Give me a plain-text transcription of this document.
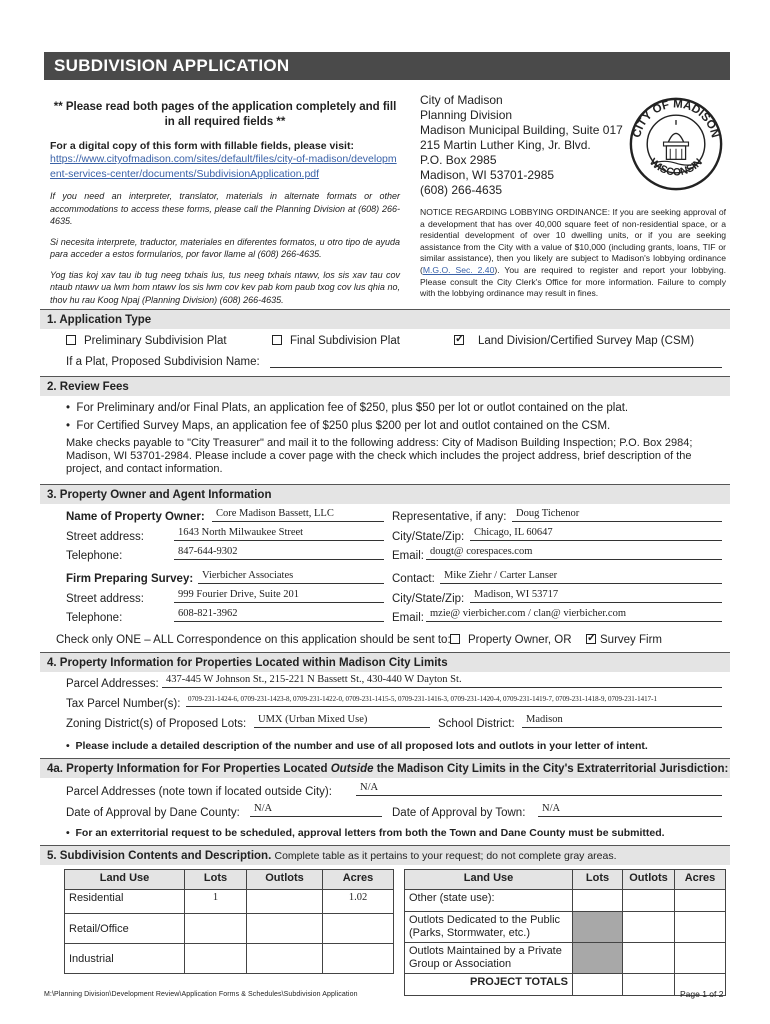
SUBDIVISION APPLICATION
** Please read both pages of the application completely and fill in all required fields **
For a digital copy of this form with fillable fields, please visit:
https://www.cityofmadison.com/sites/default/files/city-of-madison/development-services-center/documents/SubdivisionApplication.pdf
If you need an interpreter, translator, materials in alternate formats or other accommodations to access these forms, please call the Planning Division at (608) 266-4635.
Si necesita interprete, traductor, materiales en diferentes formatos, u otro tipo de ayuda para acceder a estos formularios, por favor llame al (608) 266-4635.
Yog tias koj xav tau ib tug neeg txhais lus, tus neeg txhais ntawv, los sis xav tau cov ntaub ntawv ua lwm hom ntawv los sis lwm cov kev pab kom paub txog cov lus qhia no, thov hu rau Koog Npaj (Planning Division) (608) 266-4635.
City of Madison
Planning Division
Madison Municipal Building, Suite 017
215 Martin Luther King, Jr. Blvd.
P.O. Box 2985
Madison, WI 53701-2985
(608) 266-4635
CITY OF MADISON
WISCONSIN
NOTICE REGARDING LOBBYING ORDINANCE: If you are seeking approval of a development that has over 40,000 square feet of non-residential space, or a residential development of over 10 dwelling units, or if you are seeking assistance from the City with a value of $10,000 (including grants, loans, TIF or similar assistance), then you likely are subject to Madison's lobbying ordinance (M.G.O. Sec. 2.40). You are required to register and report your lobbying. Please consult the City Clerk's Office for more information. Failure to comply with the lobbying ordinance may result in fines.
1. Application Type
Preliminary Subdivision Plat	Final Subdivision Plat ✓	Land Division/Certified Survey Map (CSM)
If a Plat, Proposed Subdivision Name:
2. Review Fees
•  For Preliminary and/or Final Plats, an application fee of $250, plus $50 per lot or outlot contained on the plat.
•  For Certified Survey Maps, an application fee of $250 plus $200 per lot and outlot contained on the CSM.
Make checks payable to "City Treasurer" and mail it to the following address: City of Madison Building Inspection; P.O. Box 2984; Madison, WI 53701-2984. Please include a cover page with the check which includes the project address, brief description of the project, and contact information.
3. Property Owner and Agent Information
Name of Property Owner:	Core Madison Bassett, LLC	Representative, if any: Doug Tichenor
Street address:	1643 North Milwaukee Street	City/State/Zip: Chicago, IL 60647
Telephone:	847-644-9302	Email: dougt@ corespaces.com
Firm Preparing Survey: Vierbicher Associates	Contact: Mike Ziehr / Carter Lanser
Street address:	999 Fourier Drive, Suite 201	City/State/Zip: Madison, WI 53717
Telephone:	608-821-3962	Email: mzie@ vierbicher.com / clan@ vierbicher.com
Check only ONE – ALL Correspondence on this application should be sent to:	Property Owner, OR ✓	Survey Firm
4. Property Information for Properties Located within Madison City Limits
Parcel Addresses: 437-445 W Johnson St., 215-221 N Bassett St., 430-440 W Dayton St.
Tax Parcel Number(s): 0709-231-1424-6, 0709-231-1423-8, 0709-231-1422-0, 0709-231-1415-5, 0709-231-1416-3, 0709-231-1420-4, 0709-231-1419-7, 0709-231-1418-9, 0709-231-1417-1
Zoning District(s) of Proposed Lots:	UMX (Urban Mixed Use)	School District:	Madison
•  Please include a detailed description of the number and use of all proposed lots and outlots in your letter of intent.
4a. Property Information for For Properties Located Outside the Madison City Limits in the City's Extraterritorial Jurisdiction:
Parcel Addresses (note town if located outside City):	N/A
Date of Approval by Dane County:	N/A	Date of Approval by Town:	N/A
•  For an exterritorial request to be scheduled, approval letters from both the Town and Dane County must be submitted.
5. Subdivision Contents and Description. Complete table as it pertains to your request; do not complete gray areas.
Land Use	Lots	Outlots	Acres
Residential	1		1.02
Retail/Office			
Industrial			
Land Use	Lots	Outlots	Acres
Other (state use):			
Outlots Dedicated to the Public (Parks, Stormwater, etc.)			
Outlots Maintained by a Private Group or Association			
PROJECT TOTALS			
M:\Planning Division\Development Review\Application Forms & Schedules\Subdivision Application	Page 1 of 2
